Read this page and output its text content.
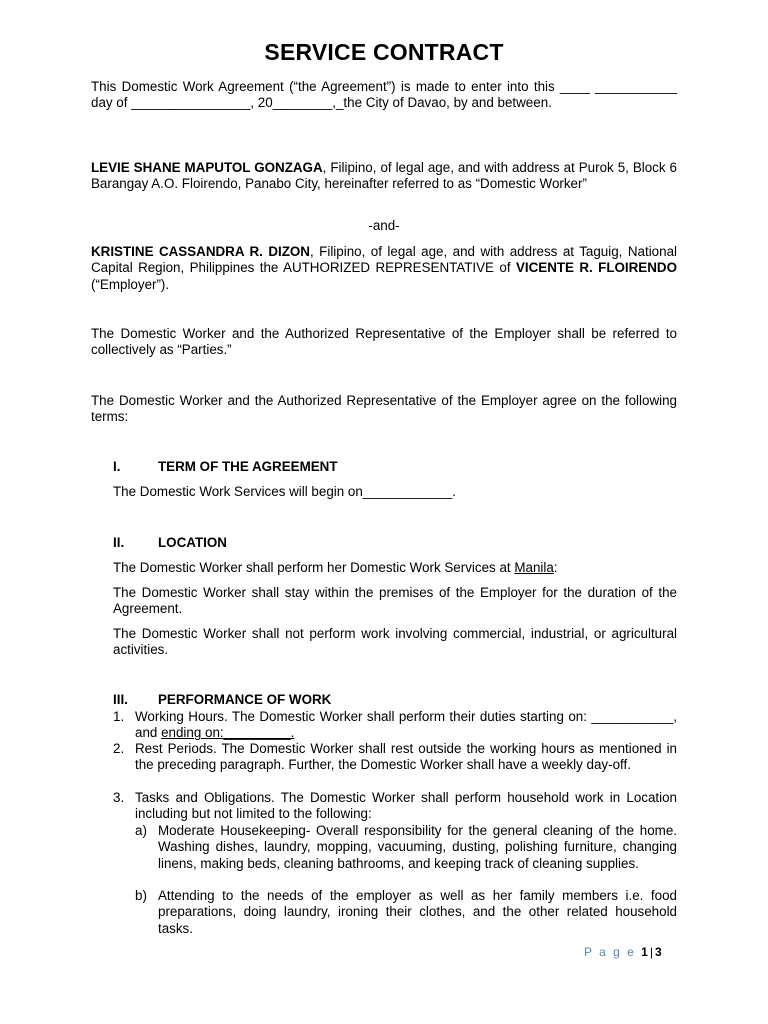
SERVICE CONTRACT
This Domestic Work Agreement (“the Agreement”) is made to enter into this ____ ___________ day of ________________, 20________,_the City of Davao, by and between.
LEVIE SHANE MAPUTOL GONZAGA, Filipino, of legal age, and with address at Purok 5, Block 6 Barangay A.O. Floirendo, Panabo City, hereinafter referred to as “Domestic Worker”
-and-
KRISTINE CASSANDRA R. DIZON, Filipino, of legal age, and with address at Taguig, National Capital Region, Philippines the AUTHORIZED REPRESENTATIVE of VICENTE R. FLOIRENDO (“Employer”).
The Domestic Worker and the Authorized Representative of the Employer shall be referred to collectively as “Parties.”
The Domestic Worker and the Authorized Representative of the Employer agree on the following terms:
I.	TERM OF THE AGREEMENT
The Domestic Work Services will begin on____________.
II.	LOCATION
The Domestic Worker shall perform her Domestic Work Services at Manila:
The Domestic Worker shall stay within the premises of the Employer for the duration of the Agreement.
The Domestic Worker shall not perform work involving commercial, industrial, or agricultural activities.
III. PERFORMANCE OF WORK
1. Working Hours. The Domestic Worker shall perform their duties starting on: ___________, and ending on:_________.
2. Rest Periods. The Domestic Worker shall rest outside the working hours as mentioned in the preceding paragraph. Further, the Domestic Worker shall have a weekly day-off.
3. Tasks and Obligations. The Domestic Worker shall perform household work in Location including but not limited to the following:
a) Moderate Housekeeping- Overall responsibility for the general cleaning of the home. Washing dishes, laundry, mopping, vacuuming, dusting, polishing furniture, changing linens, making beds, cleaning bathrooms, and keeping track of cleaning supplies.
b) Attending to the needs of the employer as well as her family members i.e. food preparations, doing laundry, ironing their clothes, and the other related household tasks.
P a g e 1 | 3
